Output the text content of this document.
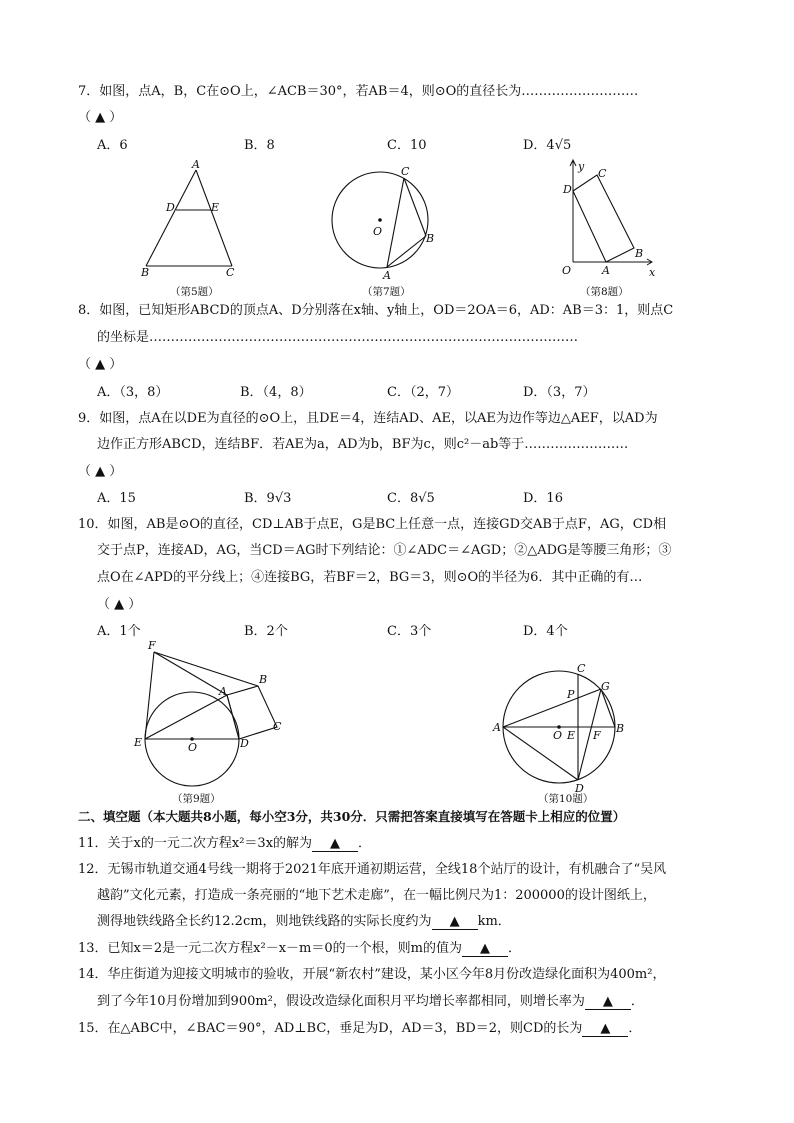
7．如图，点A，B，C在⊙O上，∠ACB＝30°，若AB＝4，则⊙O的直径长为………………………
（ ▲ ）
A．6	B．8	C．10	D．4√5
A
D	E
B	C
（第5题）
C
O
B
A
（第7题）
y
D
C
B
O	A	x
（第8题）
8．如图，已知矩形ABCD的顶点A、D分别落在x轴、y轴上，OD＝2OA＝6，AD：AB＝3：1，则点C
的坐标是………………………………………………………………………………………
（ ▲ ）
A．（3，8）	B．（4，8）	C．（2，7）	D．（3，7）
9．如图，点A在以DE为直径的⊙O上，且DE＝4，连结AD、AE，以AE为边作等边△AEF，以AD为
边作正方形ABCD，连结BF．若AE为a，AD为b，BF为c，则c²－ab等于……………………
（ ▲ ）
A．15	B．9√3	C．8√5	D．16
10．如图，AB是⊙O的直径，CD⊥AB于点E，G是BC上任意一点，连接GD交AB于点F，AG，CD相
交于点P，连接AD，AG，当CD＝AG时下列结论：①∠ADC＝∠AGD；②△ADG是等腰三角形；③
点O在∠APD的平分线上；④连接BG，若BF＝2，BG＝3，则⊙O的半径为6．其中正确的有…
（ ▲ ）
A．1个	B．2个	C．3个	D．4个
F
B
A
C
E	O	D
（第9题）
C
G
P
A
O E F
B
D
（第10题）
二、填空题（本大题共8小题，每小空3分，共30分．只需把答案直接填写在答题卡上相应的位置）
11．关于x的一元二次方程x²＝3x的解为 ▲ ．
12．无锡市轨道交通4号线一期将于2021年底开通初期运营，全线18个站厅的设计，有机融合了“吴风
越韵”文化元素，打造成一条亮丽的“地下艺术走廊”，在一幅比例尺为1：200000的设计图纸上，
测得地铁线路全长约12.2cm，则地铁线路的实际长度约为 ▲ km．
13．已知x＝2是一元二次方程x²－x－m＝0的一个根，则m的值为 ▲ ．
14．华庄街道为迎接文明城市的验收，开展“新农村”建设，某小区今年8月份改造绿化面积为400m²，
到了今年10月份增加到900m²，假设改造绿化面积月平均增长率都相同，则增长率为 ▲ ．
15．在△ABC中，∠BAC＝90°，AD⊥BC，垂足为D，AD＝3，BD＝2，则CD的长为 ▲ ．
